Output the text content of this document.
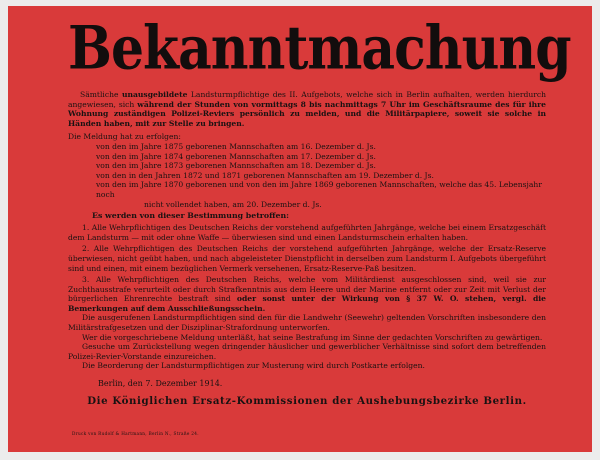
Bekanntmachung

Sämtliche unausgebildete Landsturmpflichtige des II. Aufgebots, welche sich in Berlin aufhalten, werden hierdurch angewiesen, sich während der Stunden von vormittags 8 bis nachmittags 7 Uhr im Geschäftsraume des für ihre Wohnung zuständigen Polizei-Reviers persönlich zu melden, und die Militärpapiere, soweit sie solche in Händen haben, mit zur Stelle zu bringen.

Die Meldung hat zu erfolgen:

von den im Jahre 1875 geborenen Mannschaften am 16. Dezember d. Js.
von den im Jahre 1874 geborenen Mannschaften am 17. Dezember d. Js.
von den im Jahre 1873 geborenen Mannschaften am 18. Dezember d. Js.
von den in den Jahren 1872 und 1871 geborenen Mannschaften am 19. Dezember d. Js.
von den im Jahre 1870 geborenen und von den im Jahre 1869 geborenen Mannschaften, welche das 45. Lebensjahr noch
nicht vollendet haben, am 20. Dezember d. Js.

Es werden von dieser Bestimmung betroffen:

1. Alle Wehrpflichtigen des Deutschen Reichs der vorstehend aufgeführten Jahrgänge, welche bei einem Ersatzgeschäft dem Landsturm — mit oder ohne Waffe — überwiesen sind und einen Landsturmschein erhalten haben.

2. Alle Wehrpflichtigen des Deutschen Reichs der vorstehend aufgeführten Jahrgänge, welche der Ersatz-Reserve überwiesen, nicht geübt haben, und nach abgeleisteter Dienstpflicht in derselben zum Landsturm I. Aufgebots übergeführt sind und einen, mit einem bezüglichen Vermerk versehenen, Ersatz-Reserve-Paß besitzen.

3. Alle Wehrpflichtigen des Deutschen Reichs, welche vom Militärdienst ausgeschlossen sind, weil sie zur Zuchthausstrafe verurteilt oder durch Strafkenntnis aus dem Heere und der Marine entfernt oder zur Zeit mit Verlust der bürgerlichen Ehrenrechte bestraft sind oder sonst unter der Wirkung von § 37 W. O. stehen, vergl. die Bemerkungen auf dem Ausschließungsschein.

Die ausgerufenen Landsturmpflichtigen sind den für die Landwehr (Seewehr) geltenden Vorschriften insbesondere den Militärstrafgesetzen und der Disziplinar-Strafordnung unterworfen.

Wer die vorgeschriebene Meldung unterläßt, hat seine Bestrafung im Sinne der gedachten Vorschriften zu gewärtigen.

Gesuche um Zurückstellung wegen dringender häuslicher und gewerblicher Verhältnisse sind sofort dem betreffenden Polizei-Revier-Vorstande einzureichen.

Die Beorderung der Landsturmpflichtigen zur Musterung wird durch Postkarte erfolgen.

Berlin, den 7. Dezember 1914.

Die Königlichen Ersatz-Kommissionen der Aushebungsbezirke Berlin.

Druck von Rudolf & Hartmann, Berlin N., Straße 24.
